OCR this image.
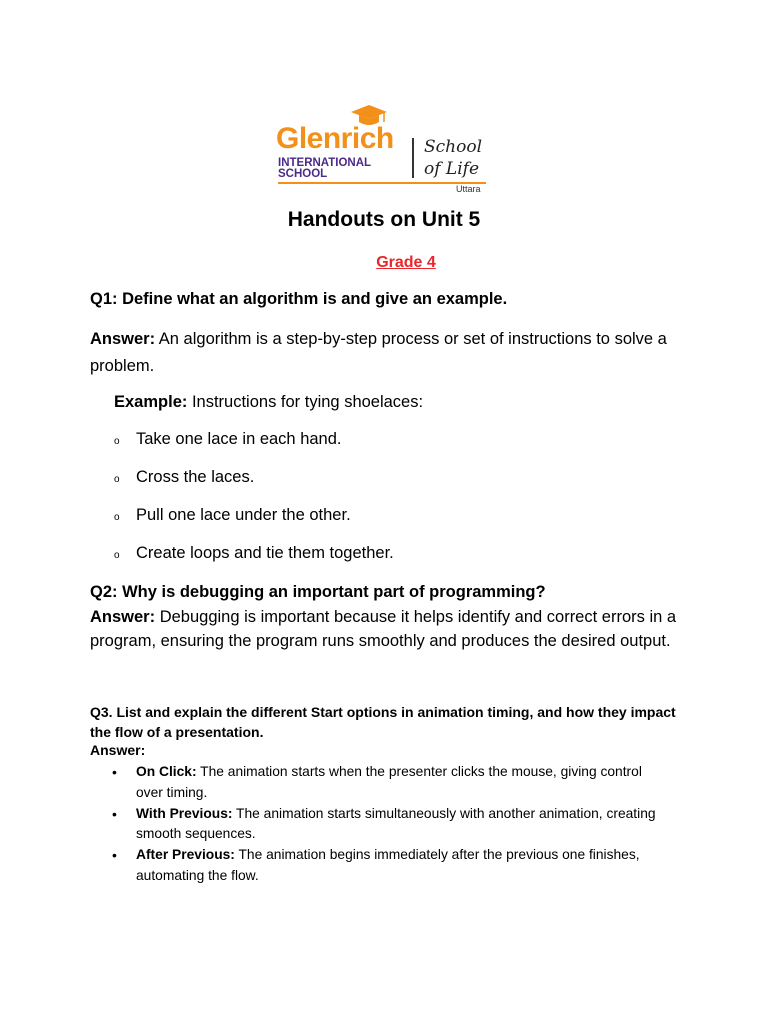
Glenrich
INTERNATIONAL
SCHOOL
School
of Life
Uttara
Handouts on Unit 5
Grade 4
Q1: Define what an algorithm is and give an example.
Answer: An algorithm is a step-by-step process or set of instructions to solve a problem.
Example: Instructions for tying shoelaces:
o Take one lace in each hand.
o Cross the laces.
o Pull one lace under the other.
o Create loops and tie them together.
Q2: Why is debugging an important part of programming?
Answer: Debugging is important because it helps identify and correct errors in a program, ensuring the program runs smoothly and produces the desired output.
Q3. List and explain the different Start options in animation timing, and how they impact the flow of a presentation.
Answer:
• On Click: The animation starts when the presenter clicks the mouse, giving control over timing.
• With Previous: The animation starts simultaneously with another animation, creating smooth sequences.
• After Previous: The animation begins immediately after the previous one finishes, automating the flow.
